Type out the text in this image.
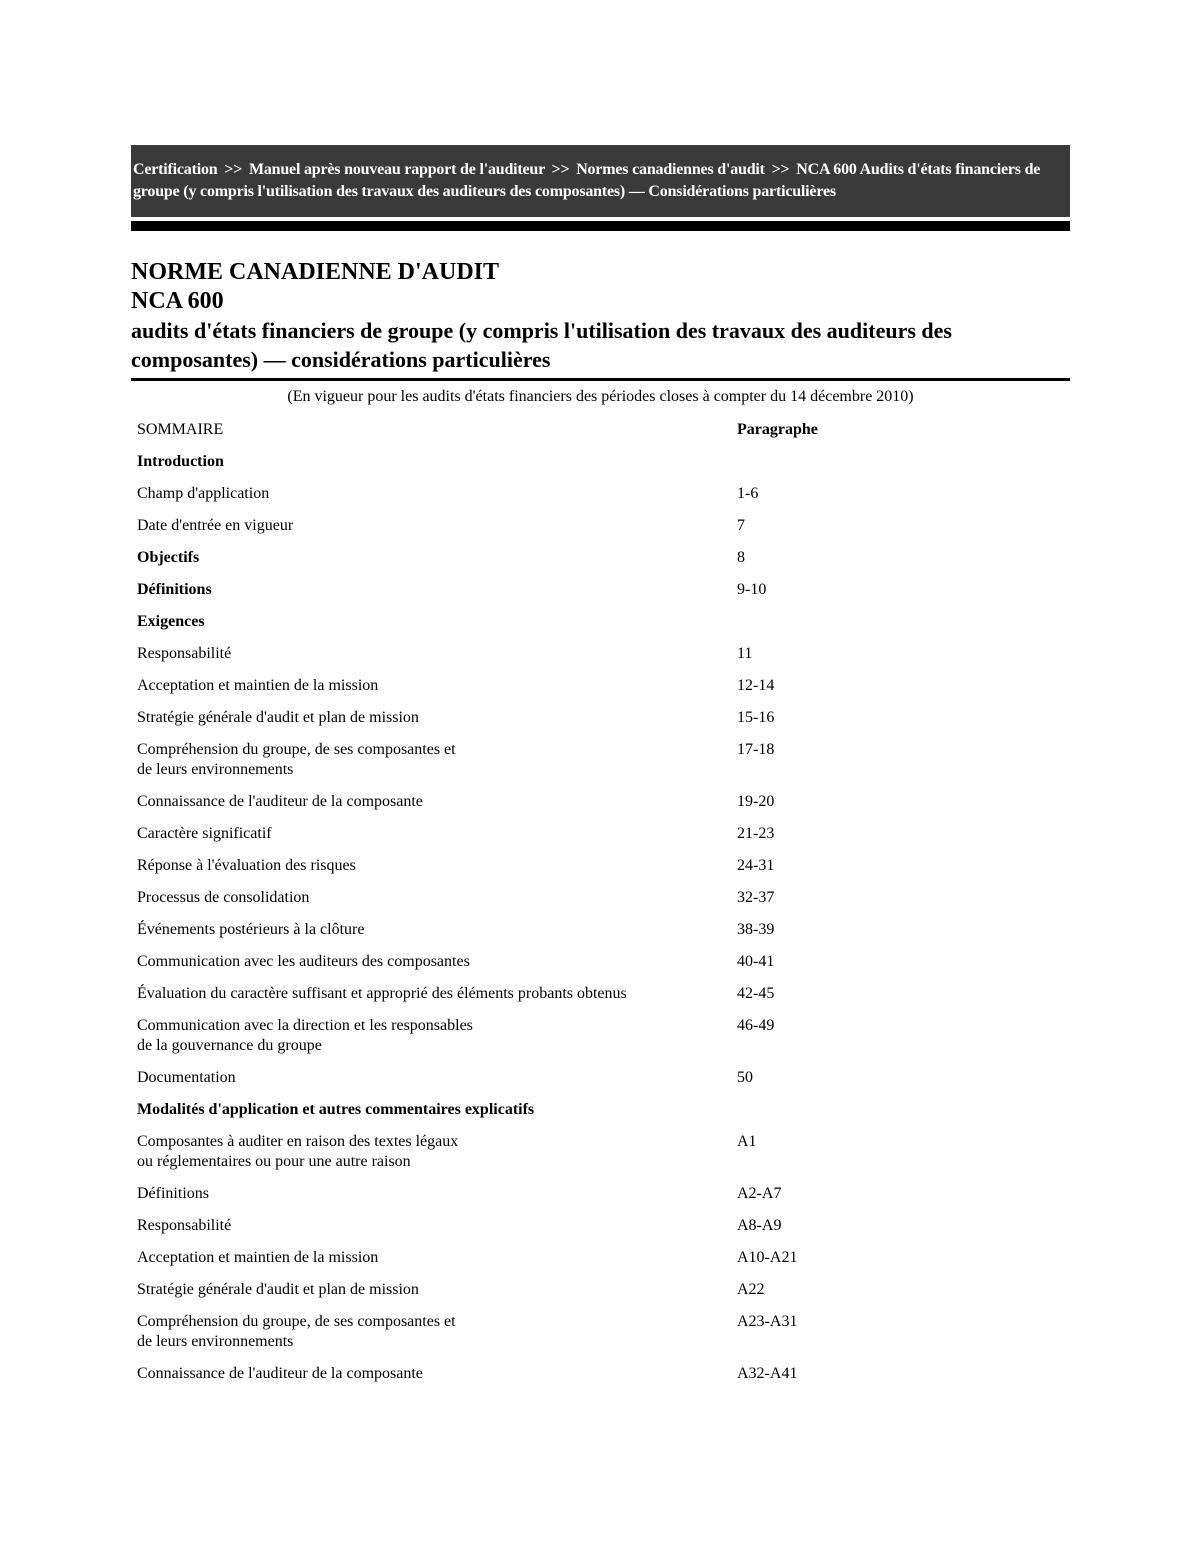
Certification >> Manuel après nouveau rapport de l'auditeur >> Normes canadiennes d'audit >> NCA 600 Audits d'états financiers de groupe (y compris l'utilisation des travaux des auditeurs des composantes) — Considérations particulières
NORME CANADIENNE D'AUDIT
NCA 600
audits d'états financiers de groupe (y compris l'utilisation des travaux des auditeurs des composantes) — considérations particulières
(En vigueur pour les audits d'états financiers des périodes closes à compter du 14 décembre 2010)
SOMMAIRE	Paragraphe
Introduction	
Champ d'application	1-6
Date d'entrée en vigueur	7
Objectifs	8
Définitions	9-10
Exigences	
Responsabilité	11
Acceptation et maintien de la mission	12-14
Stratégie générale d'audit et plan de mission	15-16
Compréhension du groupe, de ses composantes et
de leurs environnements	17-18
Connaissance de l'auditeur de la composante	19-20
Caractère significatif	21-23
Réponse à l'évaluation des risques	24-31
Processus de consolidation	32-37
Événements postérieurs à la clôture	38-39
Communication avec les auditeurs des composantes	40-41
Évaluation du caractère suffisant et approprié des éléments probants obtenus	42-45
Communication avec la direction et les responsables
de la gouvernance du groupe	46-49
Documentation	50
Modalités d'application et autres commentaires explicatifs	
Composantes à auditer en raison des textes légaux
ou réglementaires ou pour une autre raison	A1
Définitions	A2-A7
Responsabilité	A8-A9
Acceptation et maintien de la mission	A10-A21
Stratégie générale d'audit et plan de mission	A22
Compréhension du groupe, de ses composantes et
de leurs environnements	A23-A31
Connaissance de l'auditeur de la composante	A32-A41
